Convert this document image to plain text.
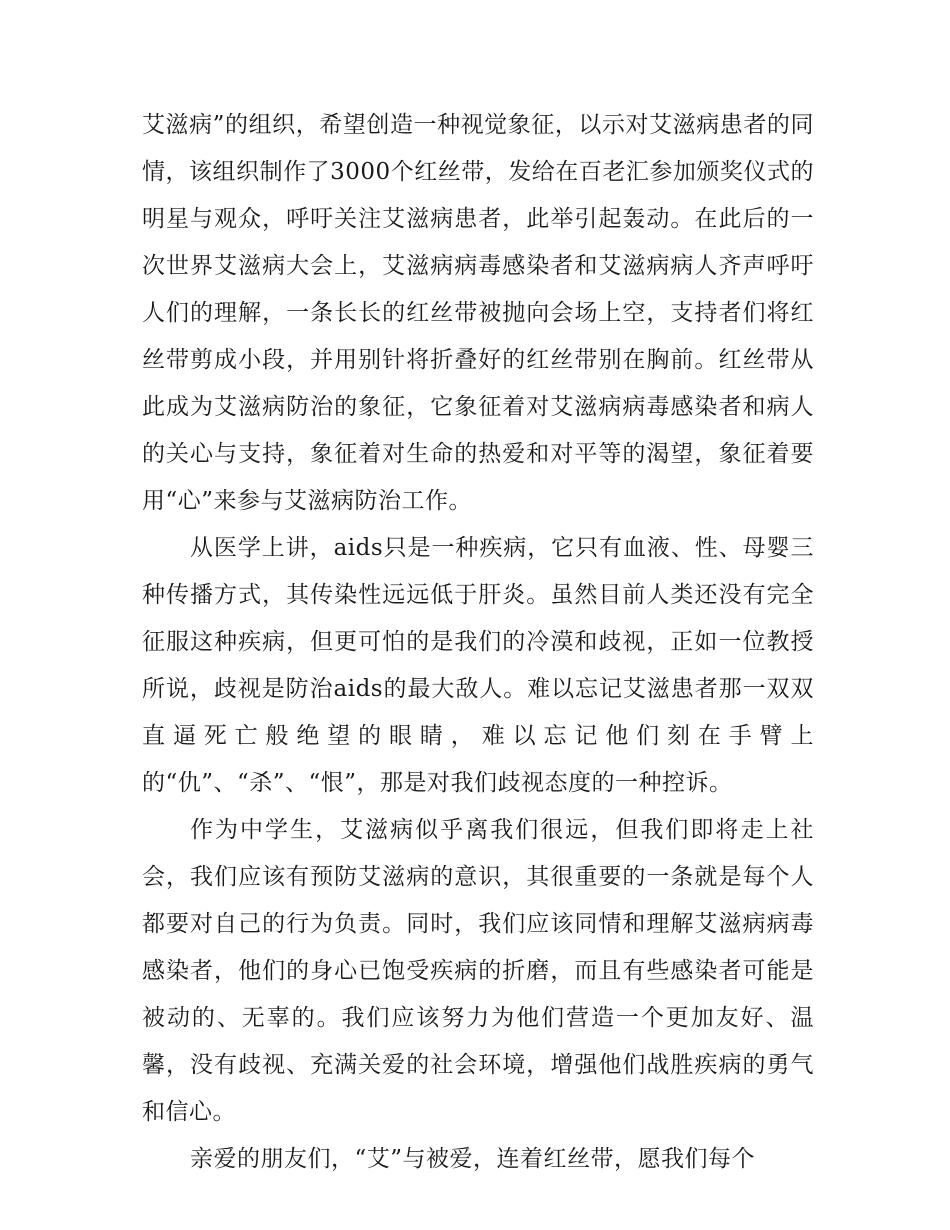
艾滋病”的组织，希望创造一种视觉象征，以示对艾滋病患者的同情，该组织制作了3000个红丝带，发给在百老汇参加颁奖仪式的明星与观众，呼吁关注艾滋病患者，此举引起轰动。在此后的一次世界艾滋病大会上，艾滋病病毒感染者和艾滋病病人齐声呼吁人们的理解，一条长长的红丝带被抛向会场上空，支持者们将红丝带剪成小段，并用别针将折叠好的红丝带别在胸前。红丝带从此成为艾滋病防治的象征，它象征着对艾滋病病毒感染者和病人的关心与支持，象征着对生命的热爱和对平等的渴望，象征着要用“心”来参与艾滋病防治工作。

从医学上讲，aids只是一种疾病，它只有血液、性、母婴三种传播方式，其传染性远远低于肝炎。虽然目前人类还没有完全征服这种疾病，但更可怕的是我们的冷漠和歧视，正如一位教授所说，歧视是防治aids的最大敌人。难以忘记艾滋患者那一双双直逼死亡般绝望的眼睛，难以忘记他们刻在手臂上的“仇”、“杀”、“恨”，那是对我们歧视态度的一种控诉。

作为中学生，艾滋病似乎离我们很远，但我们即将走上社会，我们应该有预防艾滋病的意识，其很重要的一条就是每个人都要对自己的行为负责。同时，我们应该同情和理解艾滋病病毒感染者，他们的身心已饱受疾病的折磨，而且有些感染者可能是被动的、无辜的。我们应该努力为他们营造一个更加友好、温馨，没有歧视、充满关爱的社会环境，增强他们战胜疾病的勇气和信心。

亲爱的朋友们，“艾”与被爱，连着红丝带，愿我们每个
